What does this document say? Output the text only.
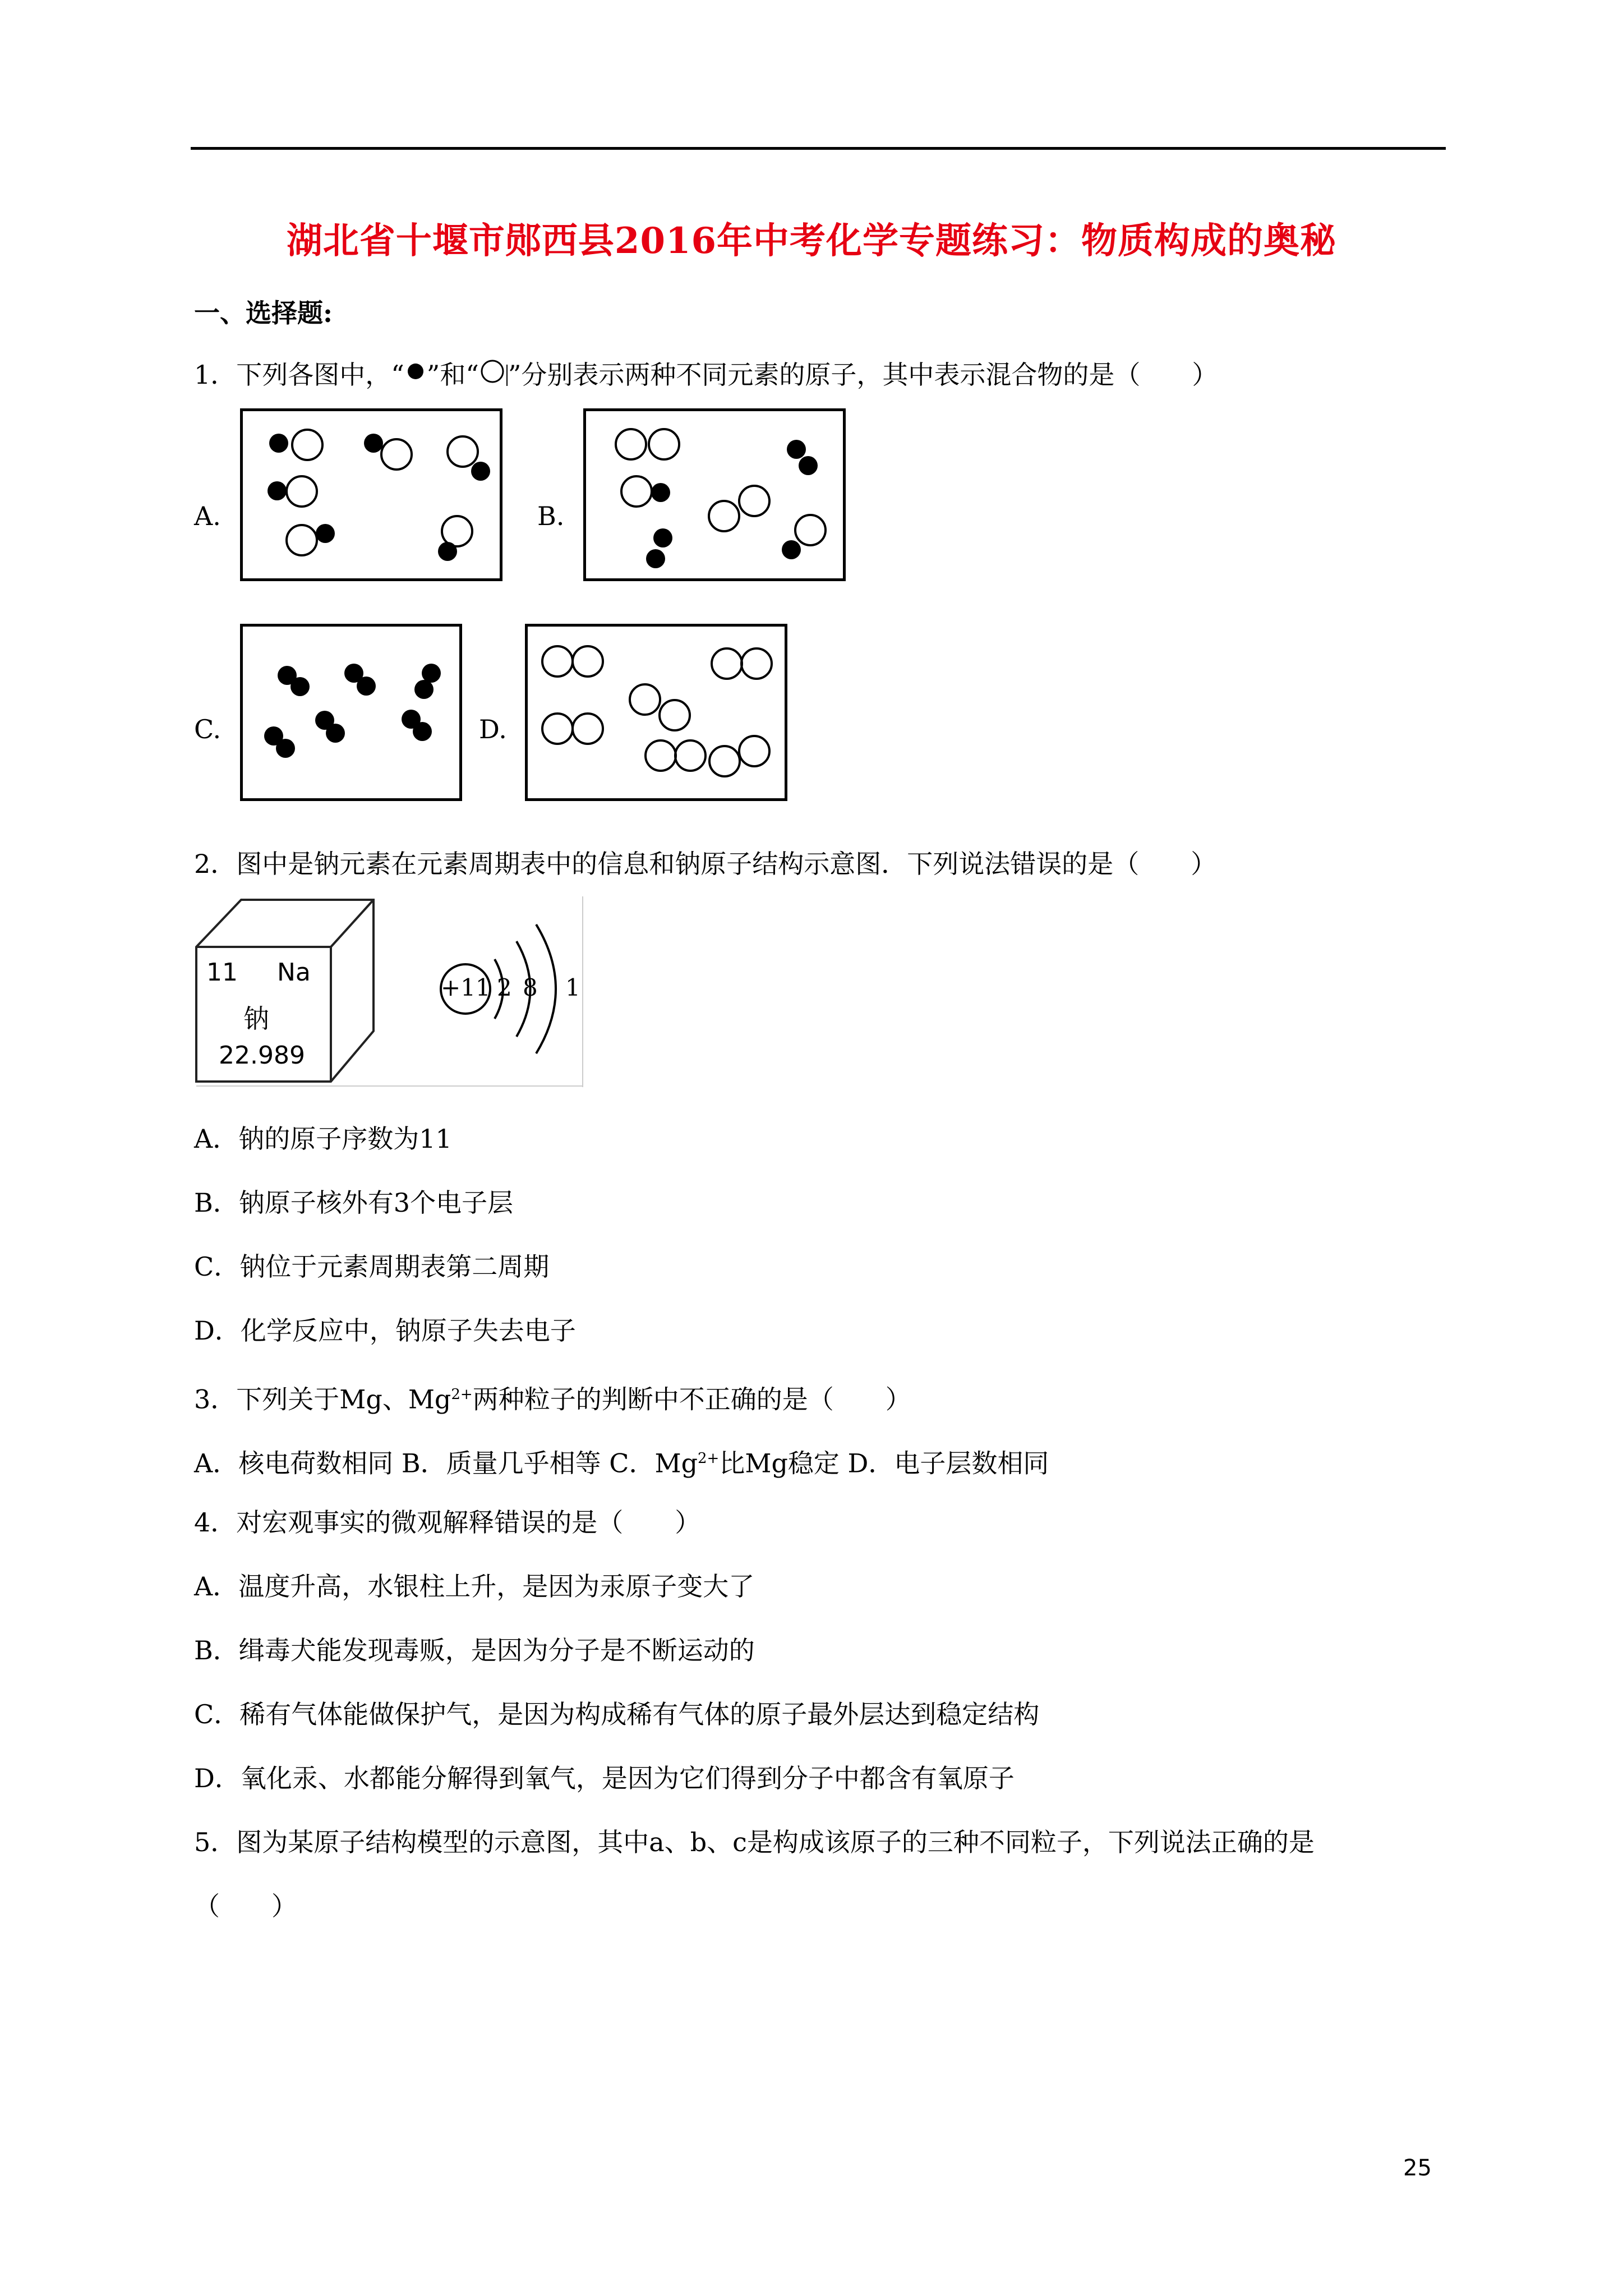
湖北省十堰市郧西县2016年中考化学专题练习：物质构成的奥秘
一、选择题:
1．下列各图中，“ ”和“ ”分别表示两种不同元素的原子，其中表示混合物的是（　　）
A.	B.
C.	D.
2．图中是钠元素在元素周期表中的信息和钠原子结构示意图．下列说法错误的是（　　）
11 Na
钠
22.989
+11 2 8 1
A．钠的原子序数为11
B．钠原子核外有3个电子层
C．钠位于元素周期表第二周期
D．化学反应中，钠原子失去电子
3．下列关于Mg、$Mg^{2+}$两种粒子的判断中不正确的是（　　）
A．核电荷数相同 B．质量几乎相等 C．$Mg^{2+}$比Mg稳定 D．电子层数相同
4．对宏观事实的微观解释错误的是（　　）
A．温度升高，水银柱上升，是因为汞原子变大了
B．缉毒犬能发现毒贩，是因为分子是不断运动的
C．稀有气体能做保护气，是因为构成稀有气体的原子最外层达到稳定结构
D．氧化汞、水都能分解得到氧气，是因为它们得到分子中都含有氧原子
5．图为某原子结构模型的示意图，其中a、b、c是构成该原子的三种不同粒子，下列说法正确的是
（　　）
25
